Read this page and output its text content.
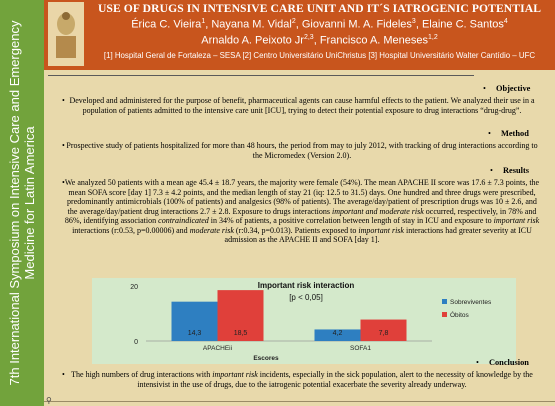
7th International Symposium on Intensive Care and Emergency Medicine for Latin America
USE OF DRUGS IN INTENSIVE CARE UNIT AND IT´S IATROGENIC POTENTIAL
Érica C. Vieira$^1$, Nayana M. Vidal$^2$, Giovanni M. A. Fideles$^3$, Elaine C. Santos$^4$
Arnaldo A. Peixoto Jr$^{2,3}$, Francisco A. Meneses$^{1,2}$
[1] Hospital Geral de Fortaleza – SESA [2] Centro Universitário UniChristus [3] Hospital Universitário Walter Cantídio – UFC
• Objective
• Developed and administered for the purpose of benefit, pharmaceutical agents can cause harmful effects to the patient. We analyzed their use in a population of patients admitted to the intensive care unit [ICU], trying to detect their potential exposure to drug interactions “drug-drug”.
• Method
• Prospective study of patients hospitalized for more than 48 hours, the period from may to july 2012, with tracking of drug interactions according to the Micromedex (Version 2.0).
• Results
• We analyzed 50 patients with a mean age 45.4 ± 18.7 years, the majority were female (54%). The mean APACHE II score was 17.6 ± 7.3 points, the mean SOFA score [day 1] 7.3 ± 4.2 points, and the median length of stay 21 (iq: 12.5 to 31.5) days. One hundred and three drugs were prescribed, predominantly antimicrobials (100% of patients) and analgesics (98% of patients). The average/day/patient of prescription drugs was 10 ± 2.6, and the average/day/patient drug interactions 2.7 ± 2.8. Exposure to drugs interactions important and moderate risk occurred, respectively, in 78% and 86%, identifying association contraindicated in 34% of patients, a positive correlation between length of stay in ICU and exposure to important risk interactions (r:0.53, p=0.00006) and moderate risk (r:0.34, p=0.013). Patients exposed to important risk interactions had greater severity at ICU admission as the APACHE II and SOFA [day 1].
0
20
14,3	18,5
APACHEii
4,2	7,8
SOFA1
Important risk interaction
[p < 0,05]
Escores
Sobreviventes
Óbitos
• Conclusion
• The high numbers of drug interactions with important risk incidents, especially in the sick population, alert to the necessity of knowledge by the intensivist in the use of drugs, due to the iatrogenic potential exacerbate the severity already underway.
⚲
